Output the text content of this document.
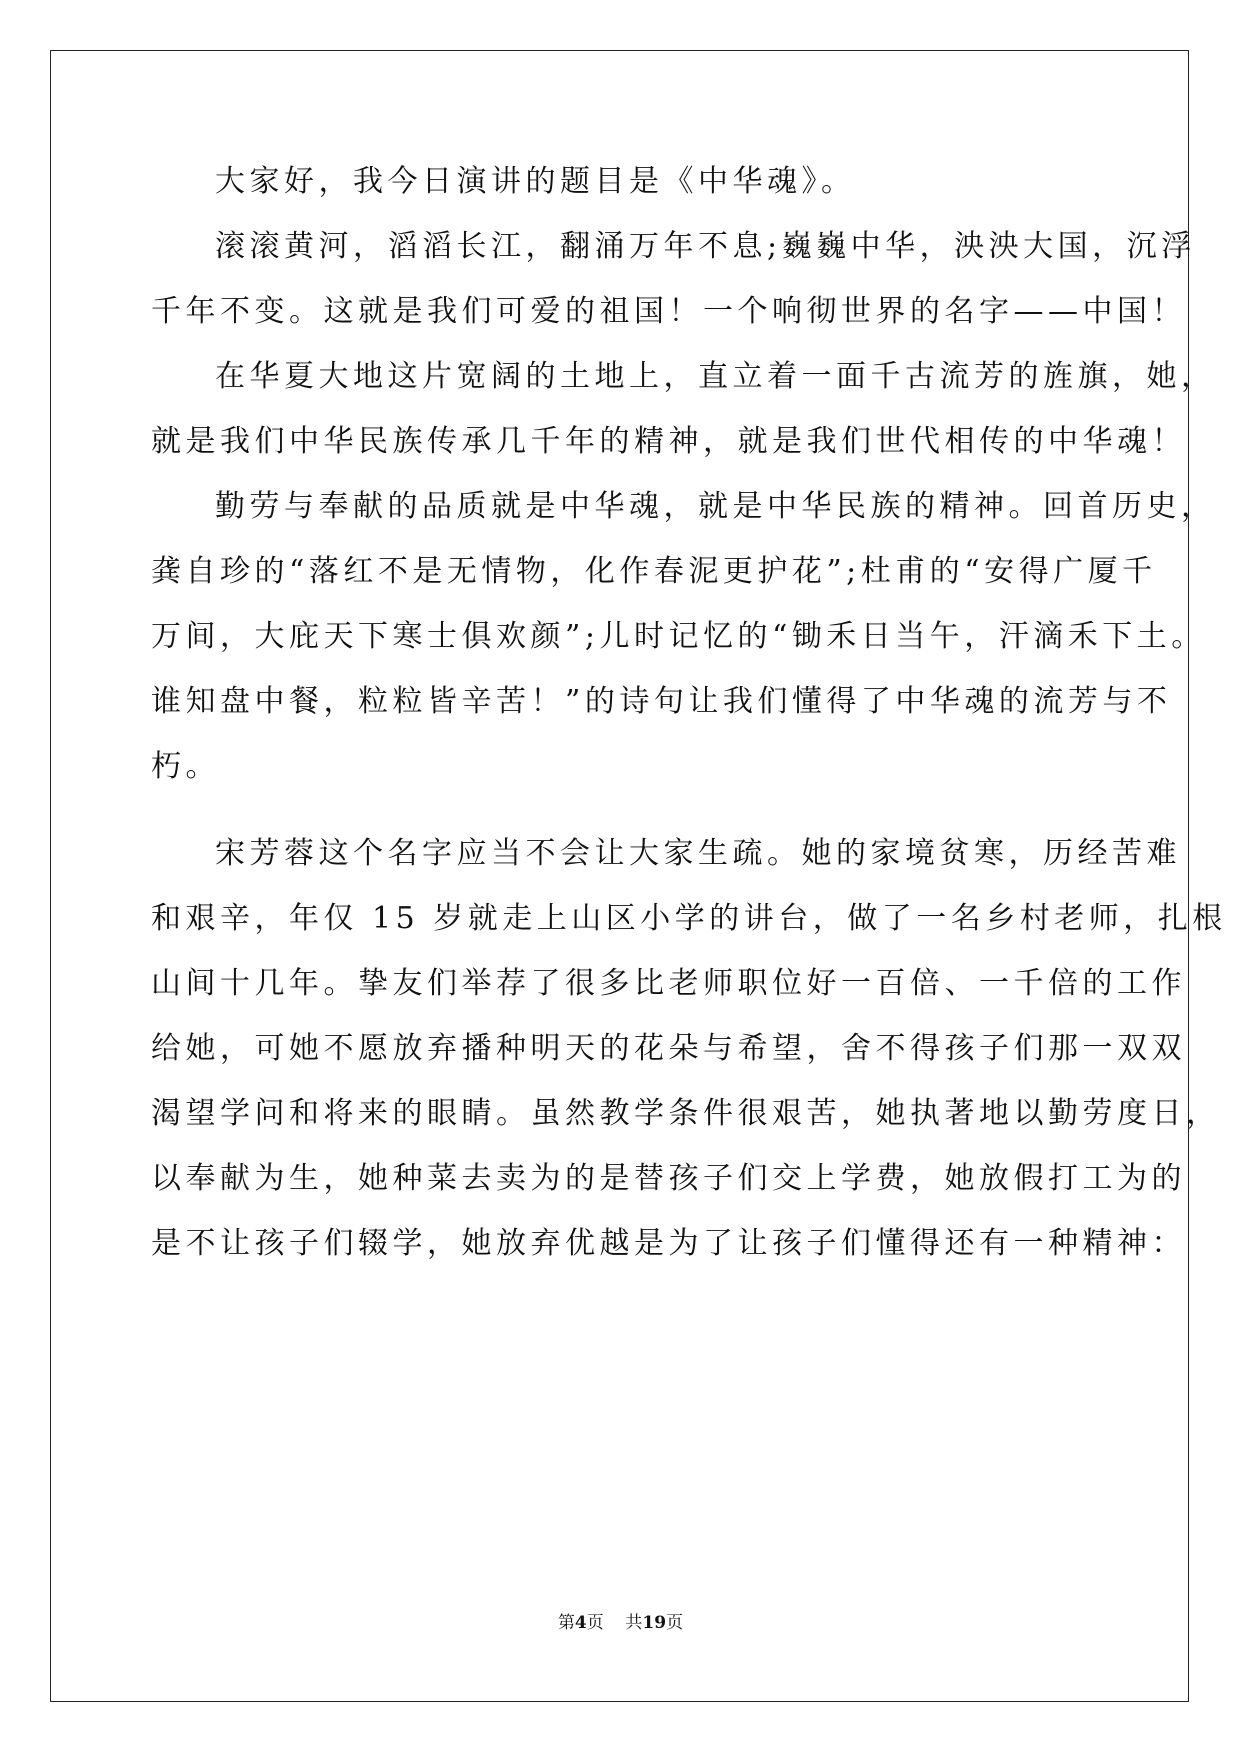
大家好，我今日演讲的题目是《中华魂》。
滚滚黄河，滔滔长江，翻涌万年不息;巍巍中华，泱泱大国，沉浮
千年不变。这就是我们可爱的祖国！一个响彻世界的名字——中国！
在华夏大地这片宽阔的土地上，直立着一面千古流芳的旌旗，她，
就是我们中华民族传承几千年的精神，就是我们世代相传的中华魂！
勤劳与奉献的品质就是中华魂，就是中华民族的精神。回首历史，
龚自珍的“落红不是无情物，化作春泥更护花”;杜甫的“安得广厦千
万间，大庇天下寒士俱欢颜”;儿时记忆的“锄禾日当午，汗滴禾下土。
谁知盘中餐，粒粒皆辛苦！”的诗句让我们懂得了中华魂的流芳与不
朽。
宋芳蓉这个名字应当不会让大家生疏。她的家境贫寒，历经苦难
和艰辛，年仅 15 岁就走上山区小学的讲台，做了一名乡村老师，扎根
山间十几年。挚友们举荐了很多比老师职位好一百倍、一千倍的工作
给她，可她不愿放弃播种明天的花朵与希望，舍不得孩子们那一双双
渴望学问和将来的眼睛。虽然教学条件很艰苦，她执著地以勤劳度日，
以奉献为生，她种菜去卖为的是替孩子们交上学费，她放假打工为的
是不让孩子们辍学，她放弃优越是为了让孩子们懂得还有一种精神：
第4页 共19页
